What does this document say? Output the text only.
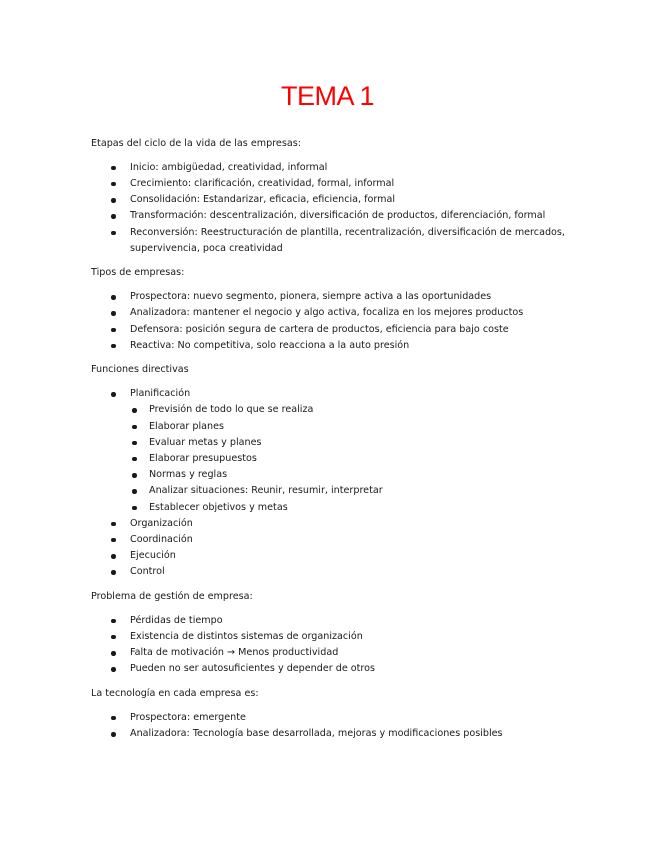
TEMA 1
Etapas del ciclo de la vida de las empresas:
Inicio: ambigüedad, creatividad, informal
Crecimiento: clarificación, creatividad, formal, informal
Consolidación: Estandarizar, eficacia, eficiencia, formal
Transformación: descentralización, diversificación de productos, diferenciación, formal
Reconversión: Reestructuración de plantilla, recentralización, diversificación de mercados, supervivencia, poca creatividad
Tipos de empresas:
Prospectora: nuevo segmento, pionera, siempre activa a las oportunidades
Analizadora: mantener el negocio y algo activa, focaliza en los mejores productos
Defensora: posición segura de cartera de productos, eficiencia para bajo coste
Reactiva: No competitiva, solo reacciona a la auto presión
Funciones directivas
Planificación
Previsión de todo lo que se realiza
Elaborar planes
Evaluar metas y planes
Elaborar presupuestos
Normas y reglas
Analizar situaciones: Reunir, resumir, interpretar
Establecer objetivos y metas
Organización
Coordinación
Ejecución
Control
Problema de gestión de empresa:
Pérdidas de tiempo
Existencia de distintos sistemas de organización
Falta de motivación → Menos productividad
Pueden no ser autosuficientes y depender de otros
La tecnología en cada empresa es:
Prospectora: emergente
Analizadora: Tecnología base desarrollada, mejoras y modificaciones posibles
